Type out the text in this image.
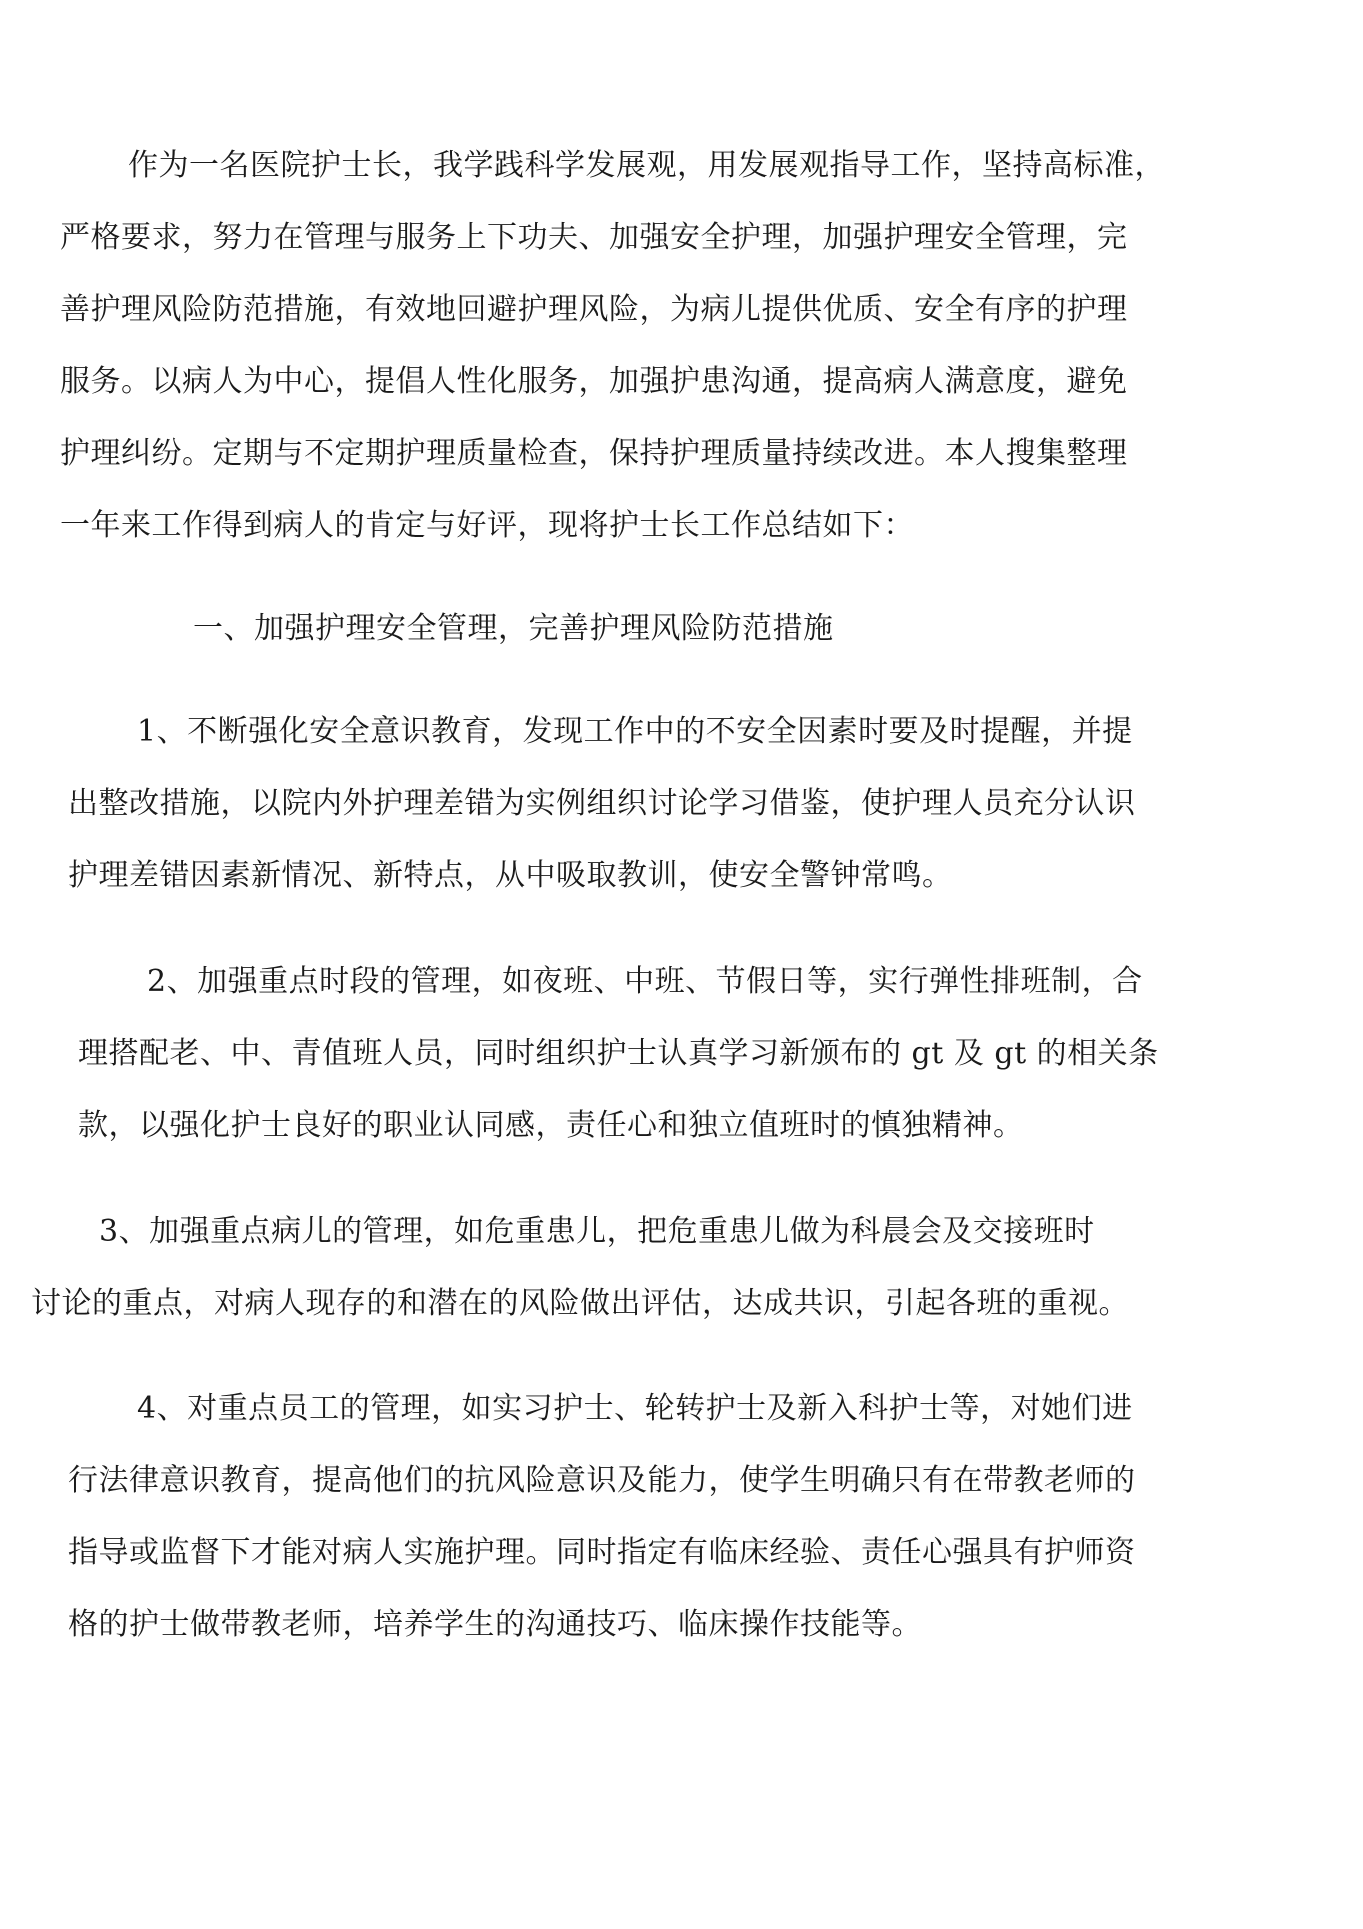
作为一名医院护士长，我学践科学发展观，用发展观指导工作，坚持高标准，
严格要求，努力在管理与服务上下功夫、加强安全护理，加强护理安全管理，完
善护理风险防范措施，有效地回避护理风险，为病儿提供优质、安全有序的护理
服务。以病人为中心，提倡人性化服务，加强护患沟通，提高病人满意度，避免
护理纠纷。定期与不定期护理质量检查，保持护理质量持续改进。本人搜集整理
一年来工作得到病人的肯定与好评，现将护士长工作总结如下：
一、加强护理安全管理，完善护理风险防范措施
1、不断强化安全意识教育，发现工作中的不安全因素时要及时提醒，并提
出整改措施，以院内外护理差错为实例组织讨论学习借鉴，使护理人员充分认识
护理差错因素新情况、新特点，从中吸取教训，使安全警钟常鸣。
2、加强重点时段的管理，如夜班、中班、节假日等，实行弹性排班制，合
理搭配老、中、青值班人员，同时组织护士认真学习新颁布的 gt 及 gt 的相关条
款，以强化护士良好的职业认同感，责任心和独立值班时的慎独精神。
3、加强重点病儿的管理，如危重患儿，把危重患儿做为科晨会及交接班时
讨论的重点，对病人现存的和潜在的风险做出评估，达成共识，引起各班的重视。
4、对重点员工的管理，如实习护士、轮转护士及新入科护士等，对她们进
行法律意识教育，提高他们的抗风险意识及能力，使学生明确只有在带教老师的
指导或监督下才能对病人实施护理。同时指定有临床经验、责任心强具有护师资
格的护士做带教老师，培养学生的沟通技巧、临床操作技能等。
